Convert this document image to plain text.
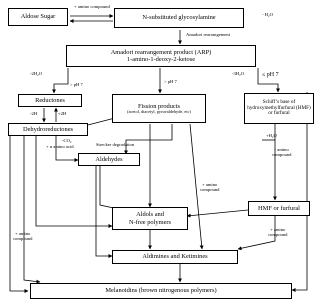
Aldose Sugar	N-substituted glycosylamine
Amadori rearrangement product (ARP)
1-amino-1-deoxy-2-ketose
Reductones
Dehydroreductones
Fission products
(acetol, diacetyl, pyruvaldehyde, etc)
Schiff’s base of hydroxymethylfurfural (HMF) or furfural
Aldehydes
Aldols and
N-free polymers
HMF or furfural
Aldimines and Ketimines
Melanoidins (brown nitrogenous polymers)
+ amino compound
- H₂O
Amadori rearrangement
-2H₂O
> pH 7
> pH 7
-3H₂O	≤ pH 7
-2H	+2H
-CO₂
+ α amino acid	Strecker degradation
+ amino
compound
+H₂O
- amino
compound
+ amino
compound
+ amino
compound
